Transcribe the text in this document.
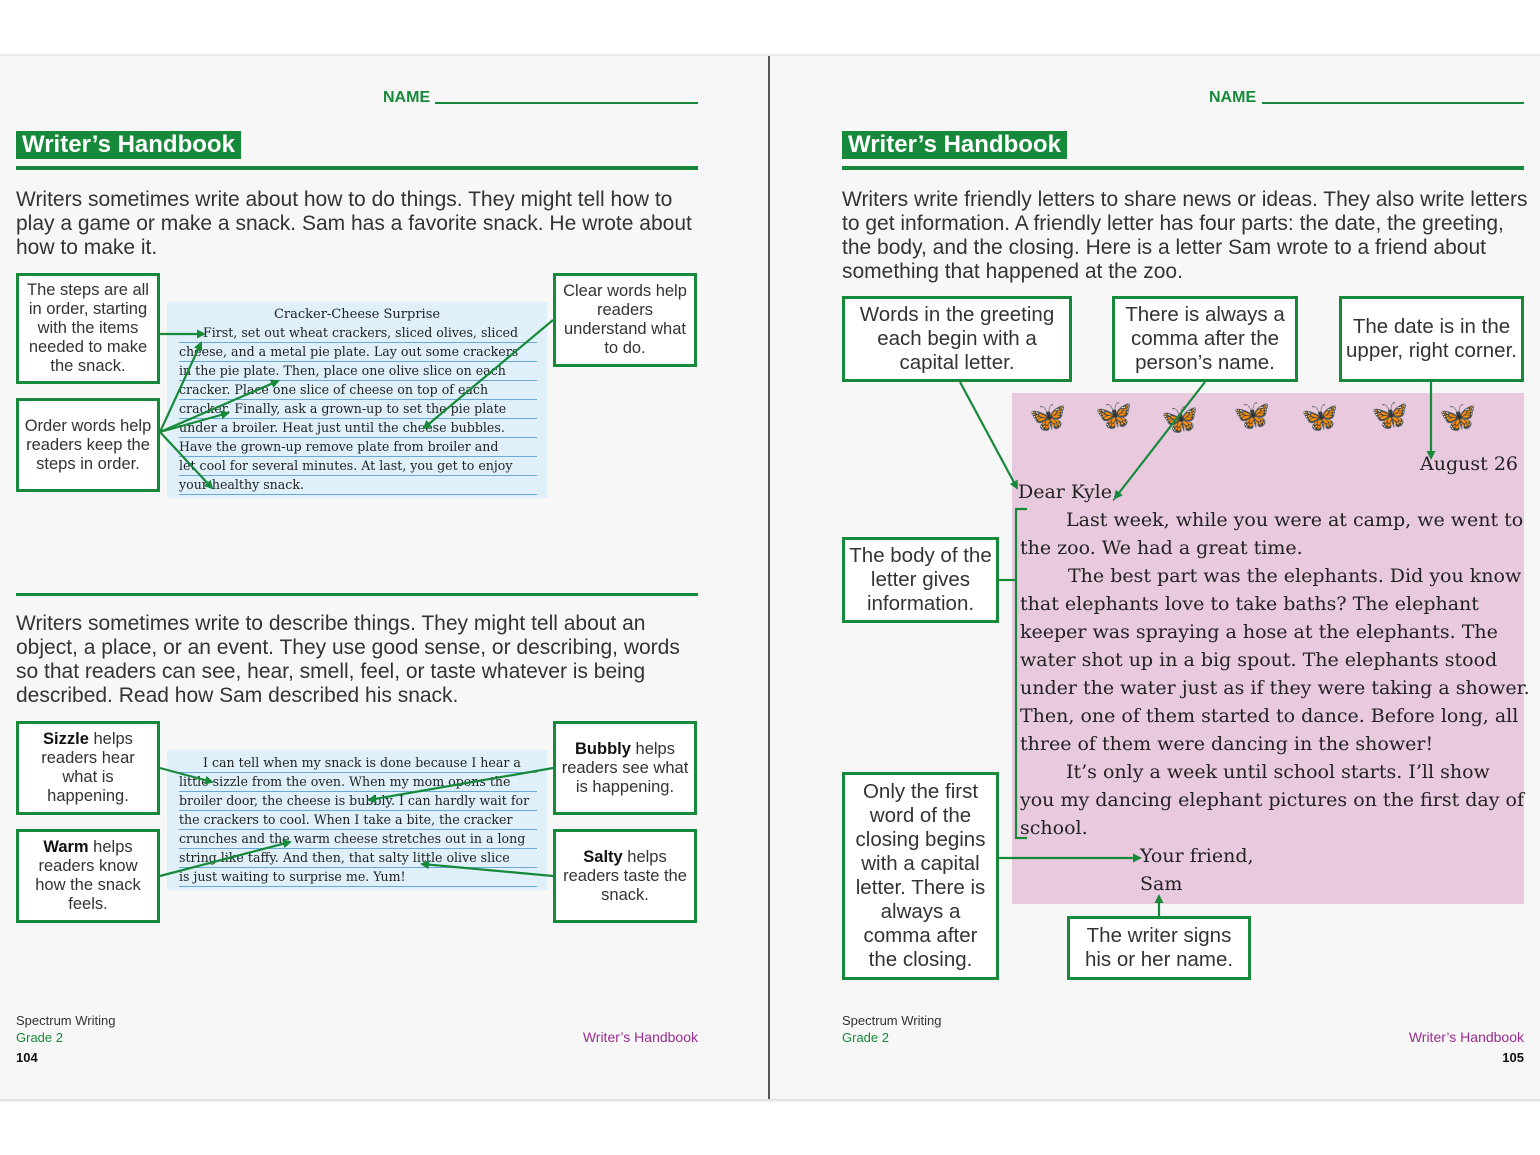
NAME
Writer’s Handbook
Writers sometimes write about how to do things. They might tell how to play a game or make a snack. Sam has a favorite snack. He wrote about how to make it.
The steps are all in order, starting with the items needed to make the snack.
Order words help readers keep the steps in order.
Clear words help readers understand what to do.
Cracker-Cheese Surprise
First, set out wheat crackers, sliced olives, sliced
cheese, and a metal pie plate. Lay out some crackers
in the pie plate. Then, place one olive slice on each
cracker. Place one slice of cheese on top of each
cracker. Finally, ask a grown-up to set the pie plate
under a broiler. Heat just until the cheese bubbles.
Have the grown-up remove plate from broiler and
let cool for several minutes. At last, you get to enjoy
your healthy snack.
Writers sometimes write to describe things. They might tell about an object, a place, or an event. They use good sense, or describing, words so that readers can see, hear, smell, feel, or taste whatever is being described. Read how Sam described his snack.
Sizzle helps readers hear what is happening.
Warm helps readers know how the snack feels.
Bubbly helps readers see what is happening.
Salty helps readers taste the snack.
I can tell when my snack is done because I hear a
little sizzle from the oven. When my mom opens the
broiler door, the cheese is bubbly. I can hardly wait for
the crackers to cool. When I take a bite, the cracker
crunches and the warm cheese stretches out in a long
string like taffy. And then, that salty little olive slice
is just waiting to surprise me. Yum!
Spectrum Writing
Grade 2
104
Writer’s Handbook
NAME
Writer’s Handbook
Writers write friendly letters to share news or ideas. They also write letters to get information. A friendly letter has four parts: the date, the greeting, the body, and the closing. Here is a letter Sam wrote to a friend about something that happened at the zoo.
August 26
Dear Kyle,
Last week, while you were at camp, we went to
the zoo. We had a great time.
The best part was the elephants. Did you know
that elephants love to take baths? The elephant
keeper was spraying a hose at the elephants. The
water shot up in a big spout. The elephants stood
under the water just as if they were taking a shower.
Then, one of them started to dance. Before long, all
three of them were dancing in the shower!
It’s only a week until school starts. I’ll show
you my dancing elephant pictures on the first day of
school.
Your friend,
Sam
🦋 🦋 🦋 🦋 🦋 🦋 🦋
Words in the greeting each begin with a capital letter.
There is always a comma after the person’s name.
The date is in the upper, right corner.
The body of the letter gives information.
Only the first word of the closing begins with a capital letter. There is always a comma after the closing.
The writer signs his or her name.
Spectrum Writing
Grade 2
105
Writer’s Handbook
